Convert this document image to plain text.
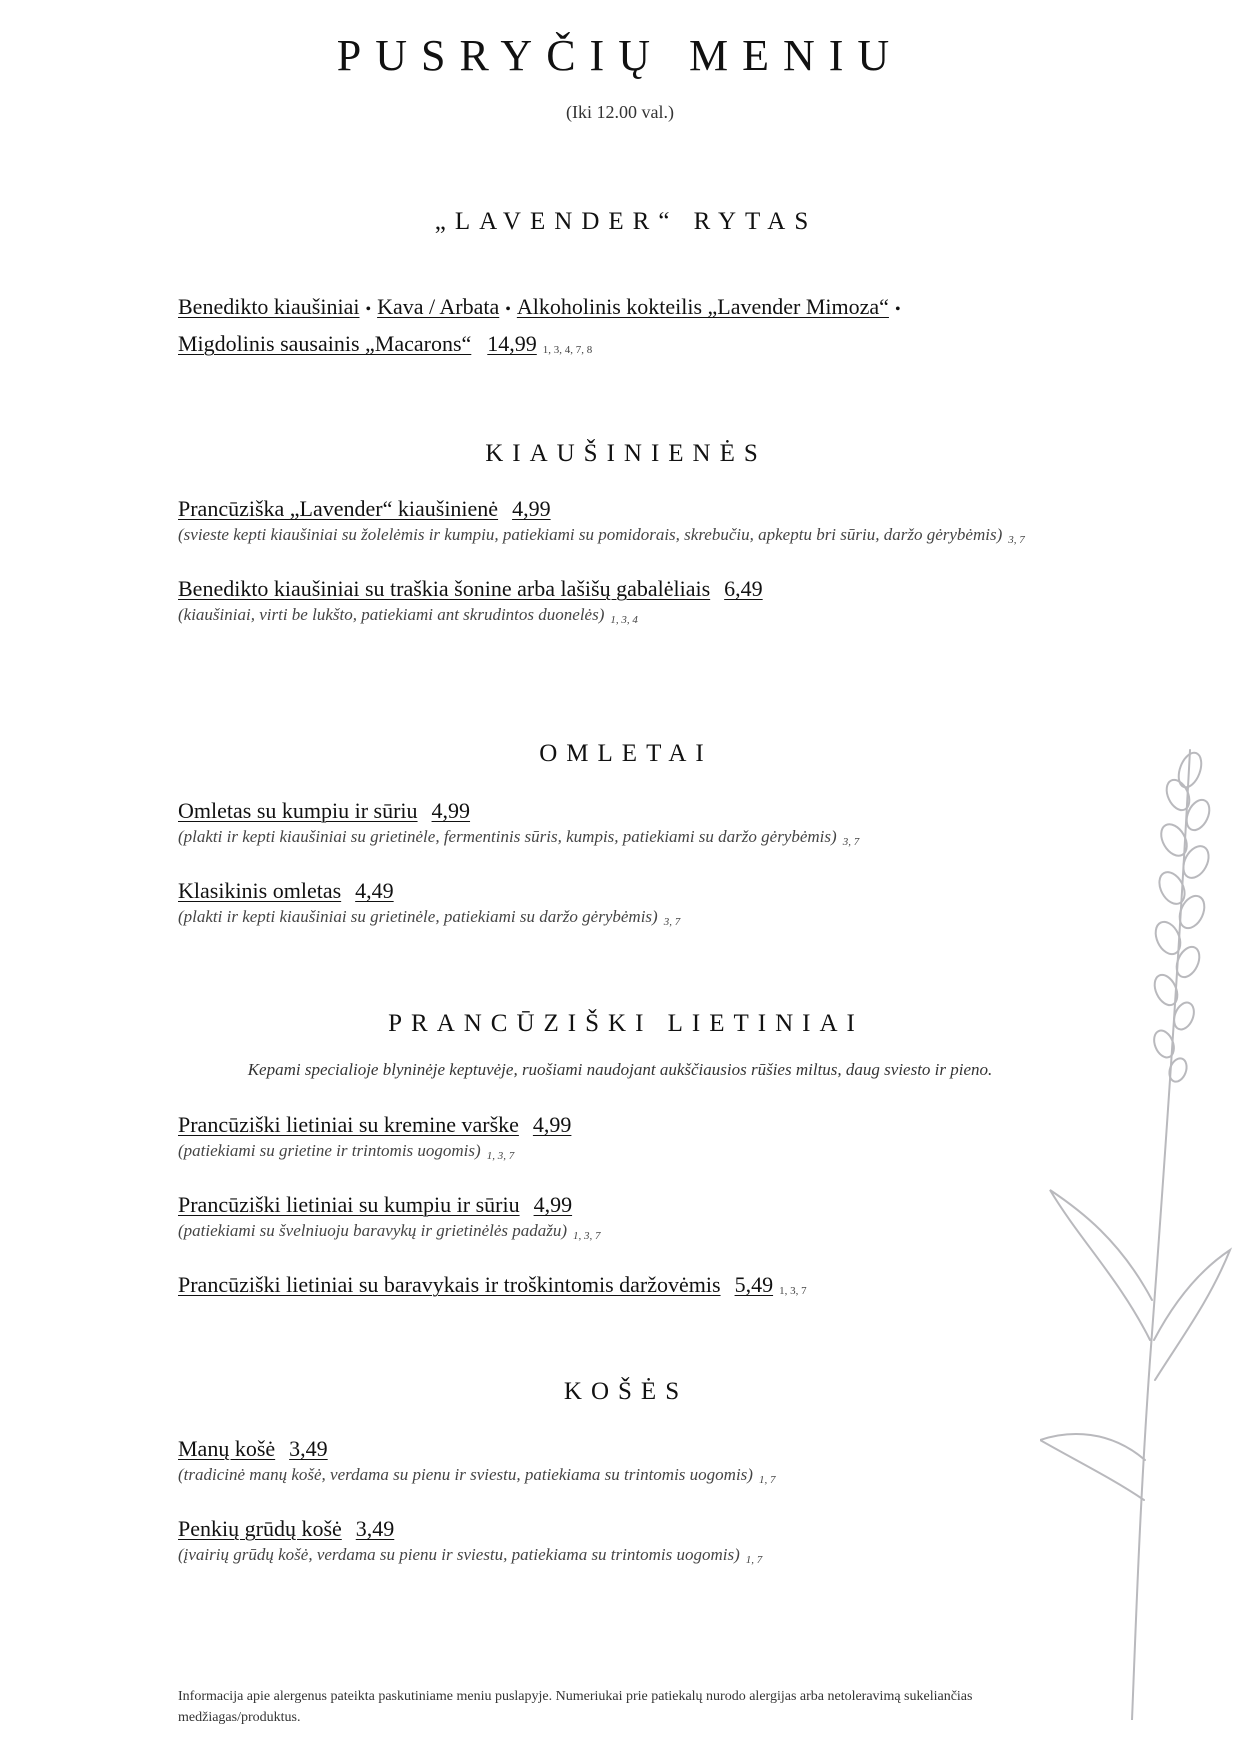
PUSRYČIŲ MENIU
(Iki 12.00 val.)
„LAVENDER“ RYTAS
Benedikto kiaušiniai • Kava / Arbata • Alkoholinis kokteilis „Lavender Mimoza“ •
Migdolinis sausainis „Macarons“ 14,99 1, 3, 4, 7, 8
KIAUŠINIENĖS
Prancūziška „Lavender“ kiaušinienė 4,99
(svieste kepti kiaušiniai su žolelėmis ir kumpiu, patiekiami su pomidorais, skrebučiu, apkeptu bri sūriu, daržo gėrybėmis) 3, 7
Benedikto kiaušiniai su traškia šonine arba lašišų gabalėliais 6,49
(kiaušiniai, virti be lukšto, patiekiami ant skrudintos duonelės) 1, 3, 4
OMLETAI
Omletas su kumpiu ir sūriu 4,99
(plakti ir kepti kiaušiniai su grietinėle, fermentinis sūris, kumpis, patiekiami su daržo gėrybėmis) 3, 7
Klasikinis omletas 4,49
(plakti ir kepti kiaušiniai su grietinėle, patiekiami su daržo gėrybėmis) 3, 7
PRANCŪZIŠKI LIETINIAI
Kepami specialioje blyninėje keptuvėje, ruošiami naudojant aukščiausios rūšies miltus, daug sviesto ir pieno.
Prancūziški lietiniai su kremine varške 4,99
(patiekiami su grietine ir trintomis uogomis) 1, 3, 7
Prancūziški lietiniai su kumpiu ir sūriu 4,99
(patiekiami su švelniuoju baravykų ir grietinėlės padažu) 1, 3, 7
Prancūziški lietiniai su baravykais ir troškintomis daržovėmis 5,49 1, 3, 7
KOŠĖS
Manų košė 3,49
(tradicinė manų košė, verdama su pienu ir sviestu, patiekiama su trintomis uogomis) 1, 7
Penkių grūdų košė 3,49
(įvairių grūdų košė, verdama su pienu ir sviestu, patiekiama su trintomis uogomis) 1, 7
Informacija apie alergenus pateikta paskutiniame meniu puslapyje. Numeriukai prie patiekalų nurodo alergijas arba netoleravimą sukeliančias medžiagas/produktus.
